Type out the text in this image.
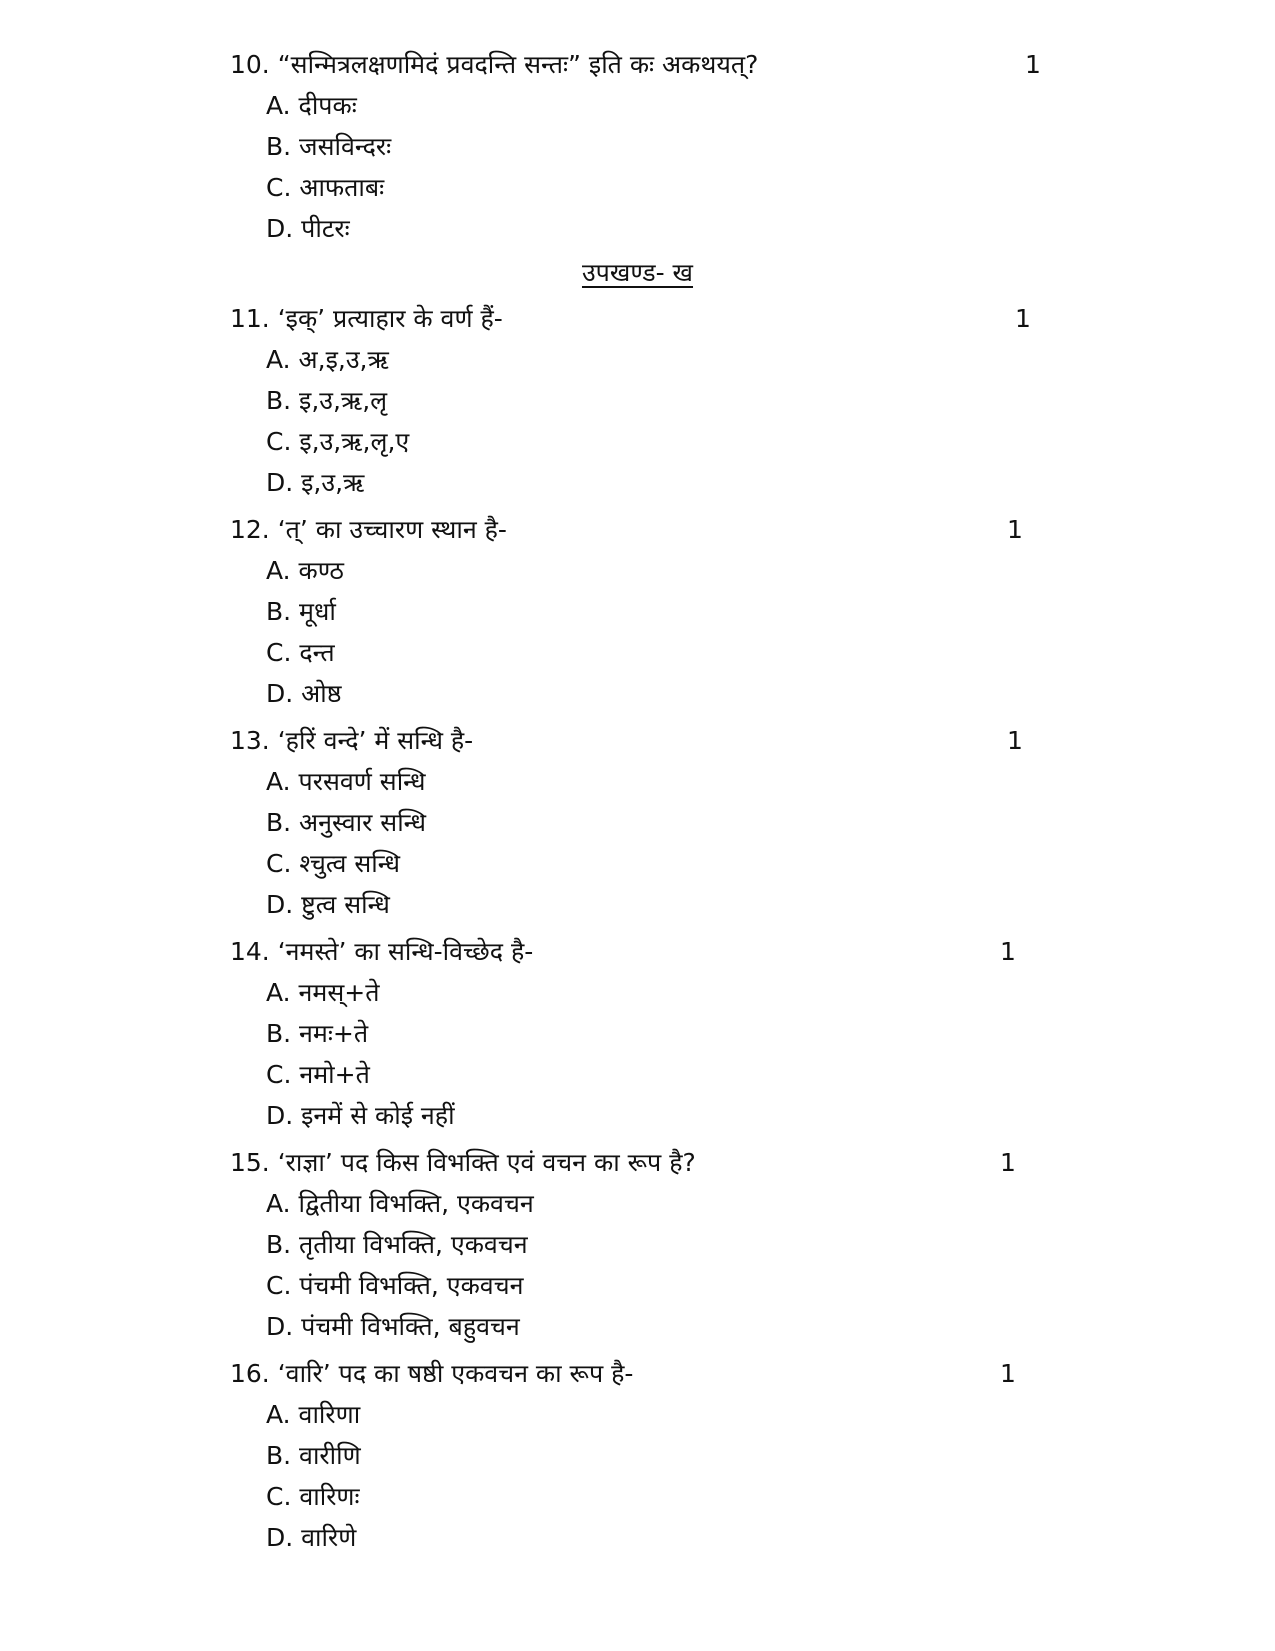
10. “सन्मित्रलक्षणमिदं प्रवदन्ति सन्तः” इति कः अकथयत्?	1
A. दीपकः
B. जसविन्दरः
C. आफताबः
D. पीटरः
उपखण्ड- ख
11. ‘इक्’ प्रत्याहार के वर्ण हैं-	1
A. अ,इ,उ,ऋ
B. इ,उ,ऋ,लृ
C. इ,उ,ऋ,लृ,ए
D. इ,उ,ऋ
12. ‘त्’ का उच्चारण स्थान है-	1
A. कण्ठ
B. मूर्धा
C. दन्त
D. ओष्ठ
13. ‘हरिं वन्दे’ में सन्धि है-	1
A. परसवर्ण सन्धि
B. अनुस्वार सन्धि
C. श्चुत्व सन्धि
D. ष्टुत्व सन्धि
14. ‘नमस्ते’ का सन्धि-विच्छेद है-	1
A. नमस्+ते
B. नमः+ते
C. नमो+ते
D. इनमें से कोई नहीं
15. ‘राज्ञा’ पद किस विभक्ति एवं वचन का रूप है?	1
A. द्वितीया विभक्ति, एकवचन
B. तृतीया विभक्ति, एकवचन
C. पंचमी विभक्ति, एकवचन
D. पंचमी विभक्ति, बहुवचन
16. ‘वारि’ पद का षष्ठी एकवचन का रूप है-	1
A. वारिणा
B. वारीणि
C. वारिणः
D. वारिणे
